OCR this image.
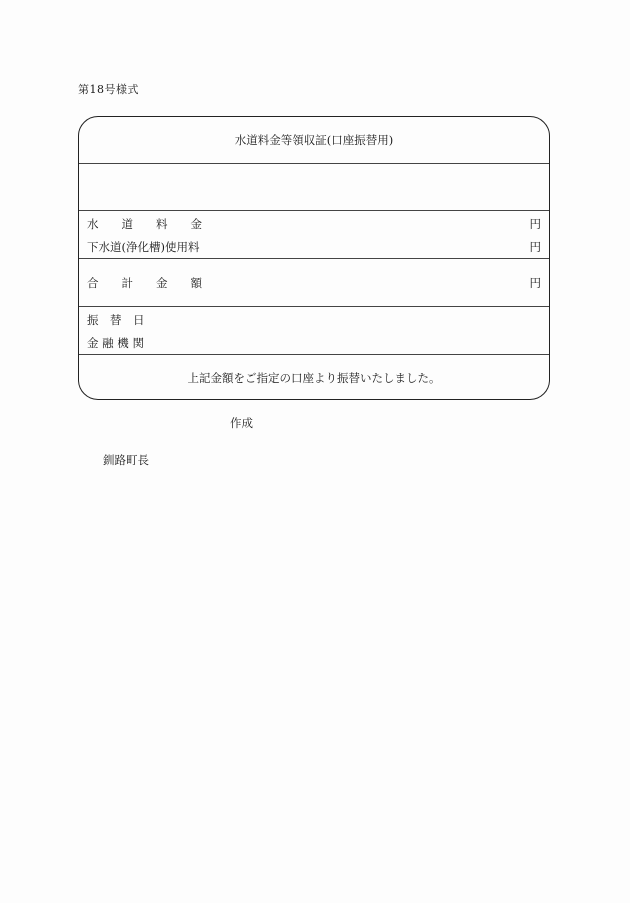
第18号様式
水道料金等領収証(口座振替用)
水　　道　　料　　金	円
下水道(浄化槽)使用料	円
合　　計　　金　　額	円
振　替　日
金 融 機 関
上記金額をご指定の口座より振替いたしました。
作成
釧路町長
